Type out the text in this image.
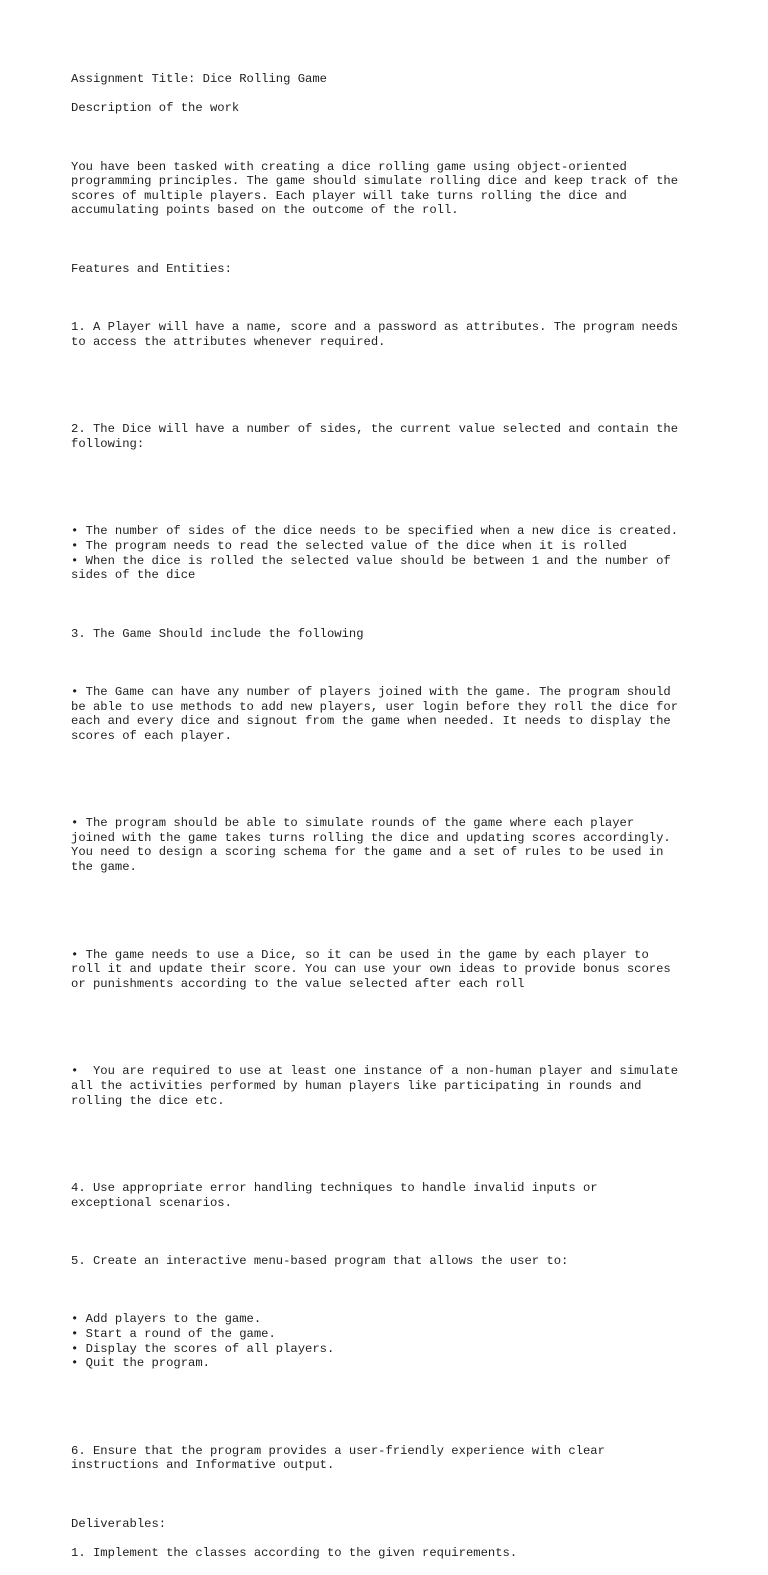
Assignment Title: Dice Rolling Game

Description of the work

You have been tasked with creating a dice rolling game using object-oriented
programming principles. The game should simulate rolling dice and keep track of the
scores of multiple players. Each player will take turns rolling the dice and
accumulating points based on the outcome of the roll.

Features and Entities:

1. A Player will have a name, score and a password as attributes. The program needs
to access the attributes whenever required.

2. The Dice will have a number of sides, the current value selected and contain the
following:

• The number of sides of the dice needs to be specified when a new dice is created.
• The program needs to read the selected value of the dice when it is rolled
• When the dice is rolled the selected value should be between 1 and the number of
sides of the dice

3. The Game Should include the following

• The Game can have any number of players joined with the game. The program should
be able to use methods to add new players, user login before they roll the dice for
each and every dice and signout from the game when needed. It needs to display the
scores of each player.

• The program should be able to simulate rounds of the game where each player
joined with the game takes turns rolling the dice and updating scores accordingly.
You need to design a scoring schema for the game and a set of rules to be used in
the game.

• The game needs to use a Dice, so it can be used in the game by each player to
roll it and update their score. You can use your own ideas to provide bonus scores
or punishments according to the value selected after each roll

•  You are required to use at least one instance of a non-human player and simulate
all the activities performed by human players like participating in rounds and
rolling the dice etc.

4. Use appropriate error handling techniques to handle invalid inputs or
exceptional scenarios.

5. Create an interactive menu-based program that allows the user to:

• Add players to the game.
• Start a round of the game.
• Display the scores of all players.
• Quit the program.

6. Ensure that the program provides a user-friendly experience with clear
instructions and Informative output.

Deliverables:

1. Implement the classes according to the given requirements.
